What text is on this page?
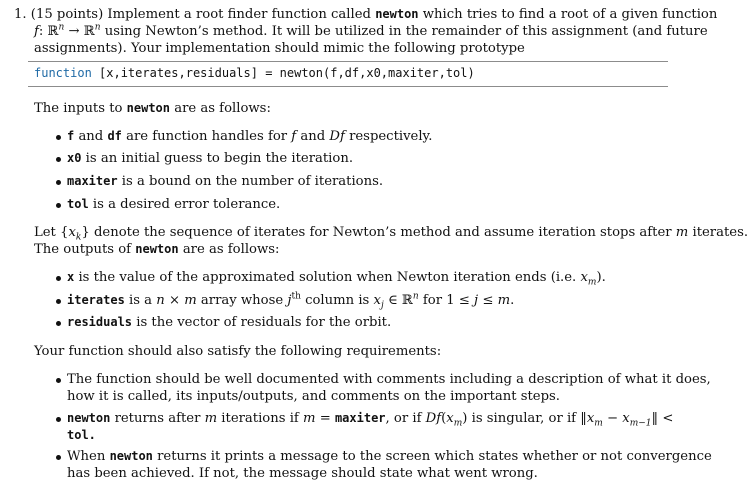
1. (15 points) Implement a root finder function called newton which tries to find a root of a given function
f: ℝ$^n$ → ℝ$^n$ using Newton’s method. It will be utilized in the remainder of this assignment (and future
assignments). Your implementation should mimic the following prototype
function [x,iterates,residuals] = newton(f,df,x0,maxiter,tol)
The inputs to newton are as follows:
f and df are function handles for f and Df respectively.
x0 is an initial guess to begin the iteration.
maxiter is a bound on the number of iterations.
tol is a desired error tolerance.
Let $\{x_k\}$ denote the sequence of iterates for Newton’s method and assume iteration stops after m iterates.
The outputs of newton are as follows:
x is the value of the approximated solution when Newton iteration ends (i.e. $x_m$).
iterates is a n × m array whose $j^{th}$ column is $x_j$ ∈ ℝ$^n$ for 1 ≤ j ≤ m.
residuals is the vector of residuals for the orbit.
Your function should also satisfy the following requirements:
The function should be well documented with comments including a description of what it does,
how it is called, its inputs/outputs, and comments on the important steps.
newton returns after m iterations if m = maxiter, or if $Df(x_m)$ is singular, or if $‖x_m$ − $x_{m-1}‖$ <
tol.
When newton returns it prints a message to the screen which states whether or not convergence
has been achieved. If not, the message should state what went wrong.
